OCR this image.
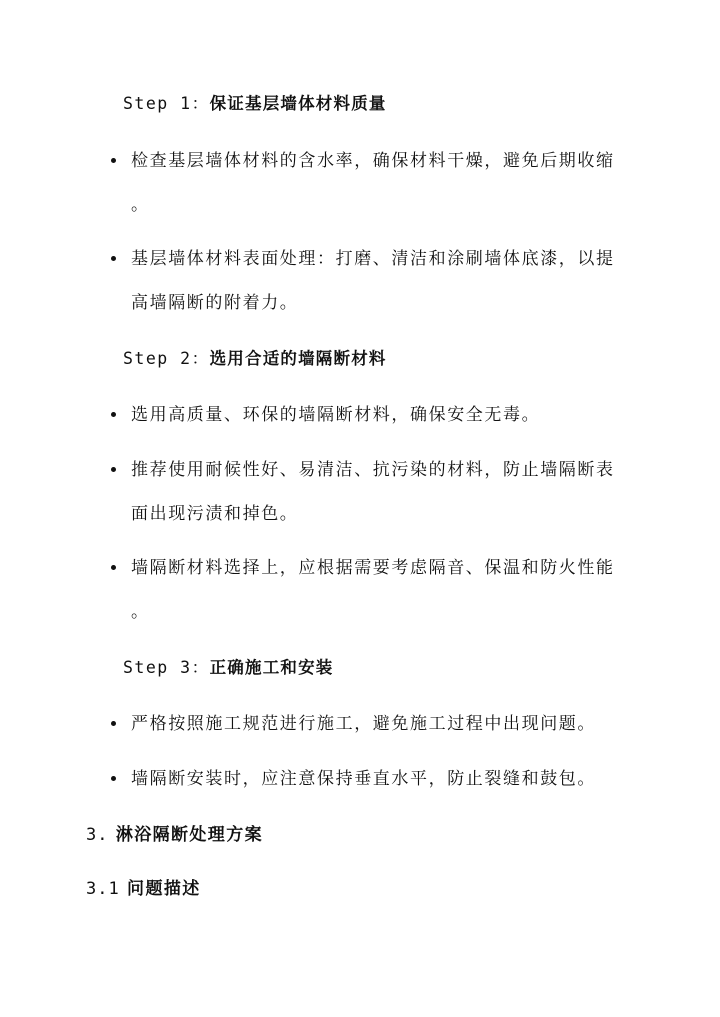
Step 1：保证基层墙体材料质量
检查基层墙体材料的含水率，确保材料干燥，避免后期收缩
。
基层墙体材料表面处理：打磨、清洁和涂刷墙体底漆，以提
高墙隔断的附着力。
Step 2：选用合适的墙隔断材料
选用高质量、环保的墙隔断材料，确保安全无毒。
推荐使用耐候性好、易清洁、抗污染的材料，防止墙隔断表
面出现污渍和掉色。
墙隔断材料选择上，应根据需要考虑隔音、保温和防火性能
。
Step 3：正确施工和安装
严格按照施工规范进行施工，避免施工过程中出现问题。
墙隔断安装时，应注意保持垂直水平，防止裂缝和鼓包。
3. 淋浴隔断处理方案
3.1 问题描述
